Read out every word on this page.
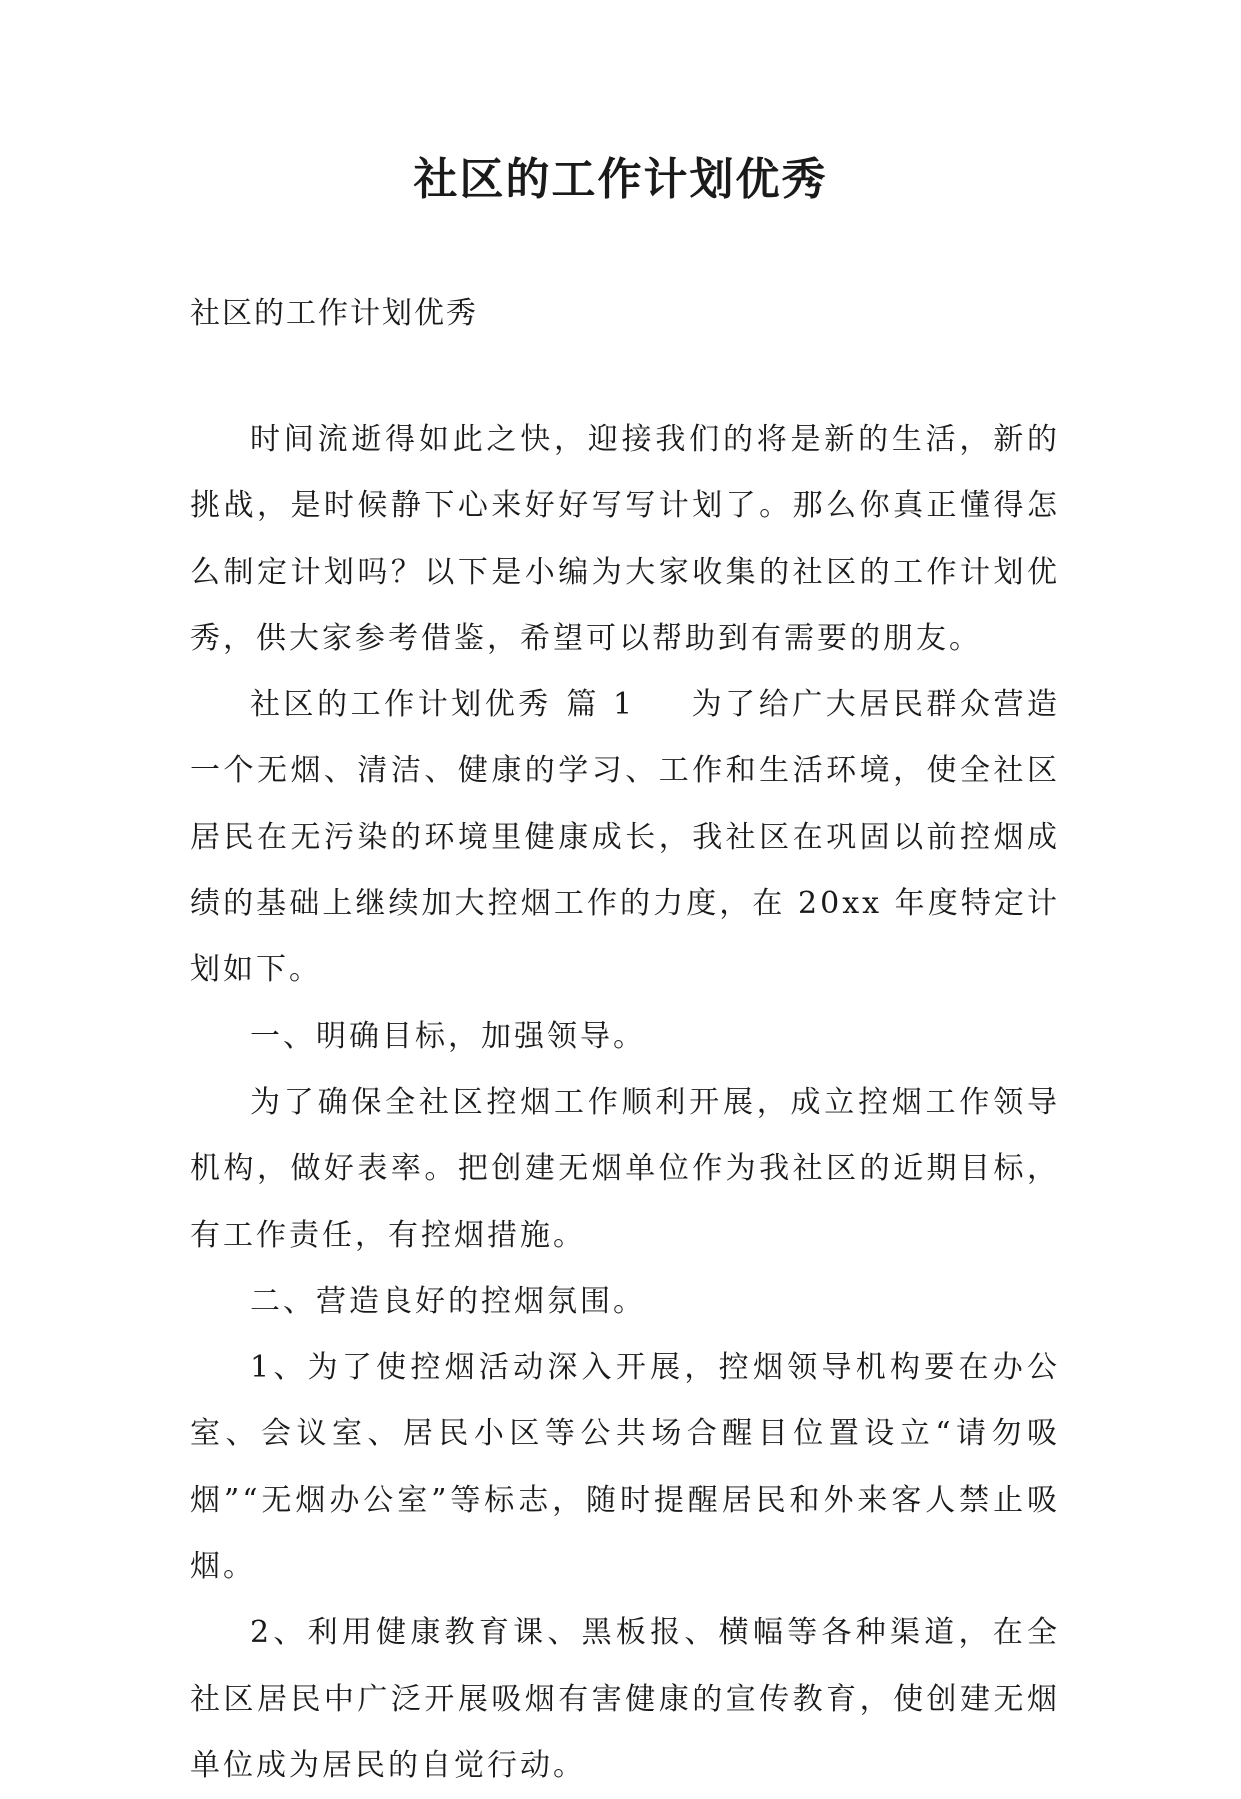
社区的工作计划优秀
社区的工作计划优秀

时间流逝得如此之快，迎接我们的将是新的生活，新的挑战，是时候静下心来好好写写计划了。那么你真正懂得怎么制定计划吗？以下是小编为大家收集的社区的工作计划优秀，供大家参考借鉴，希望可以帮助到有需要的朋友。

社区的工作计划优秀 篇 1 为了给广大居民群众营造一个无烟、清洁、健康的学习、工作和生活环境，使全社区居民在无污染的环境里健康成长，我社区在巩固以前控烟成绩的基础上继续加大控烟工作的力度，在 20xx 年度特定计划如下。

一、明确目标，加强领导。

为了确保全社区控烟工作顺利开展，成立控烟工作领导机构，做好表率。把创建无烟单位作为我社区的近期目标，有工作责任，有控烟措施。

二、营造良好的控烟氛围。

1、为了使控烟活动深入开展，控烟领导机构要在办公室、会议室、居民小区等公共场合醒目位置设立“请勿吸烟”“无烟办公室”等标志，随时提醒居民和外来客人禁止吸烟。

2、利用健康教育课、黑板报、横幅等各种渠道，在全社区居民中广泛开展吸烟有害健康的宣传教育，使创建无烟单位成为居民的自觉行动。
